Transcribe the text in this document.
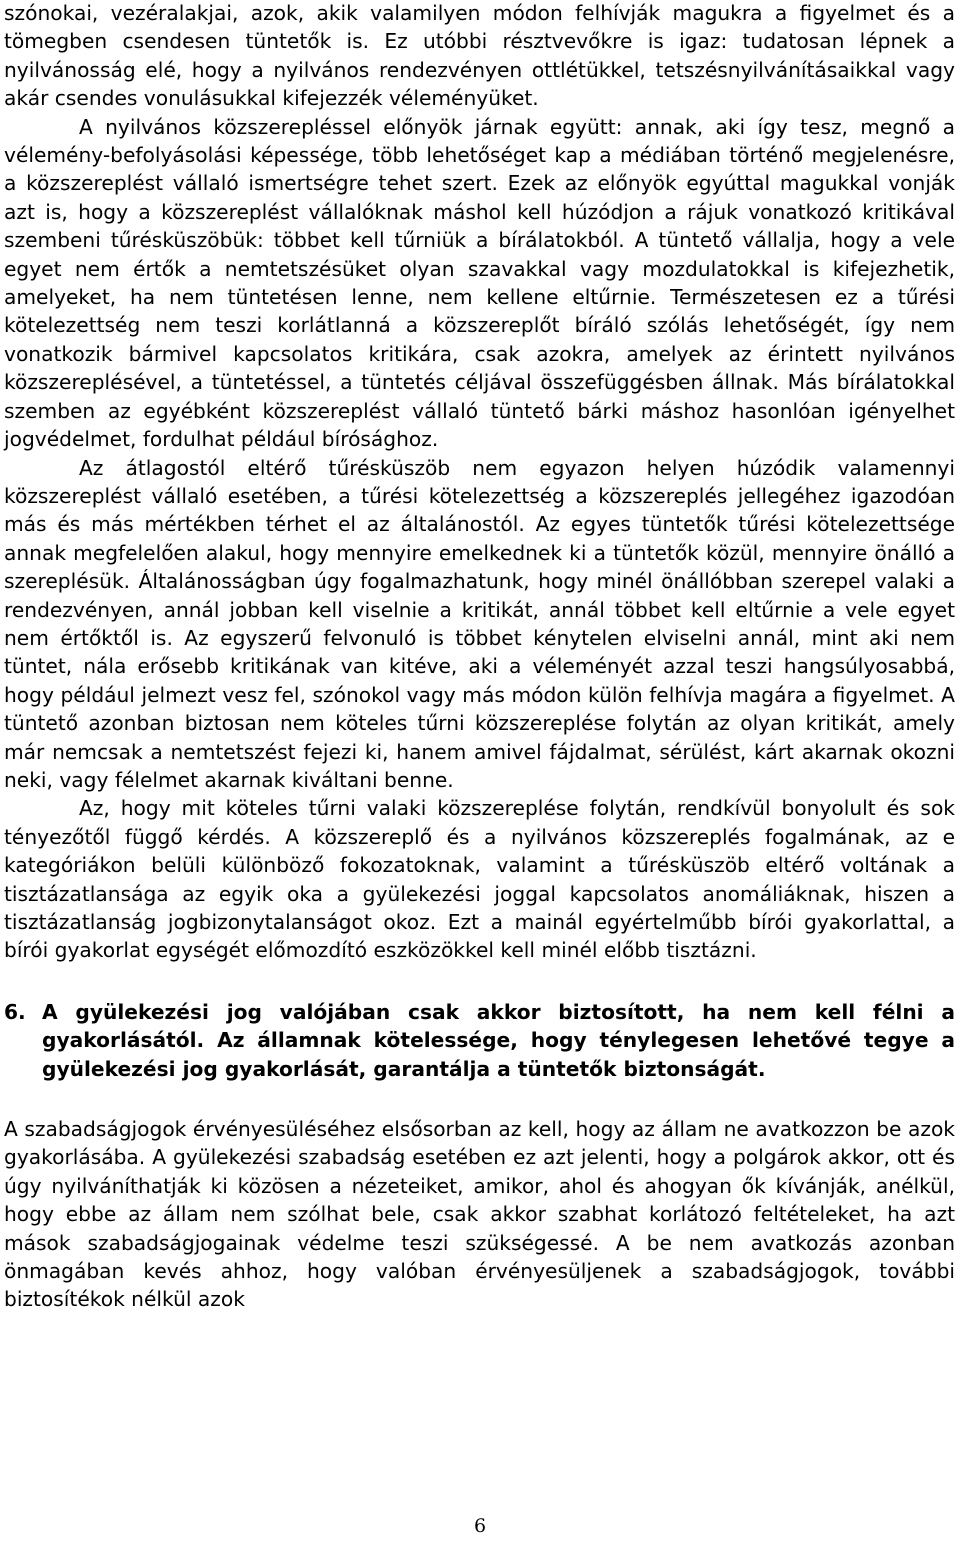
szónokai, vezéralakjai, azok, akik valamilyen módon felhívják magukra a figyelmet és a tömegben csendesen tüntetők is. Ez utóbbi résztvevőkre is igaz: tudatosan lépnek a nyilvánosság elé, hogy a nyilvános rendezvényen ottlétükkel, tetszésnyilvánításaikkal vagy akár csendes vonulásukkal kifejezzék véleményüket.

A nyilvános közszerepléssel előnyök járnak együtt: annak, aki így tesz, megnő a vélemény-befolyásolási képessége, több lehetőséget kap a médiában történő megjelenésre, a közszereplést vállaló ismertségre tehet szert. Ezek az előnyök egyúttal magukkal vonják azt is, hogy a közszereplést vállalóknak máshol kell húzódjon a rájuk vonatkozó kritikával szembeni tűrésküszöbük: többet kell tűrniük a bírálatokból. A tüntető vállalja, hogy a vele egyet nem értők a nemtetszésüket olyan szavakkal vagy mozdulatokkal is kifejezhetik, amelyeket, ha nem tüntetésen lenne, nem kellene eltűrnie. Természetesen ez a tűrési kötelezettség nem teszi korlátlanná a közszereplőt bíráló szólás lehetőségét, így nem vonatkozik bármivel kapcsolatos kritikára, csak azokra, amelyek az érintett nyilvános közszereplésével, a tüntetéssel, a tüntetés céljával összefüggésben állnak. Más bírálatokkal szemben az egyébként közszereplést vállaló tüntető bárki máshoz hasonlóan igényelhet jogvédelmet, fordulhat például bírósághoz.

Az átlagostól eltérő tűrésküszöb nem egyazon helyen húzódik valamennyi közszereplést vállaló esetében, a tűrési kötelezettség a közszereplés jellegéhez igazodóan más és más mértékben térhet el az általánostól. Az egyes tüntetők tűrési kötelezettsége annak megfelelően alakul, hogy mennyire emelkednek ki a tüntetők közül, mennyire önálló a szereplésük. Általánosságban úgy fogalmazhatunk, hogy minél önállóbban szerepel valaki a rendezvényen, annál jobban kell viselnie a kritikát, annál többet kell eltűrnie a vele egyet nem értőktől is. Az egyszerű felvonuló is többet kénytelen elviselni annál, mint aki nem tüntet, nála erősebb kritikának van kitéve, aki a véleményét azzal teszi hangsúlyosabbá, hogy például jelmezt vesz fel, szónokol vagy más módon külön felhívja magára a figyelmet. A tüntető azonban biztosan nem köteles tűrni közszereplése folytán az olyan kritikát, amely már nemcsak a nemtetszést fejezi ki, hanem amivel fájdalmat, sérülést, kárt akarnak okozni neki, vagy félelmet akarnak kiváltani benne.

Az, hogy mit köteles tűrni valaki közszereplése folytán, rendkívül bonyolult és sok tényezőtől függő kérdés. A közszereplő és a nyilvános közszereplés fogalmának, az e kategóriákon belüli különböző fokozatoknak, valamint a tűrésküszöb eltérő voltának a tisztázatlansága az egyik oka a gyülekezési joggal kapcsolatos anomáliáknak, hiszen a tisztázatlanság jogbizonytalanságot okoz. Ezt a mainál egyértelműbb bírói gyakorlattal, a bírói gyakorlat egységét előmozdító eszközökkel kell minél előbb tisztázni.

6. A gyülekezési jog valójában csak akkor biztosított, ha nem kell félni a gyakorlásától. Az államnak kötelessége, hogy ténylegesen lehetővé tegye a gyülekezési jog gyakorlását, garantálja a tüntetők biztonságát.

A szabadságjogok érvényesüléséhez elsősorban az kell, hogy az állam ne avatkozzon be azok gyakorlásába. A gyülekezési szabadság esetében ez azt jelenti, hogy a polgárok akkor, ott és úgy nyilváníthatják ki közösen a nézeteiket, amikor, ahol és ahogyan ők kívánják, anélkül, hogy ebbe az állam nem szólhat bele, csak akkor szabhat korlátozó feltételeket, ha azt mások szabadságjogainak védelme teszi szükségessé. A be nem avatkozás azonban önmagában kevés ahhoz, hogy valóban érvényesüljenek a szabadságjogok, további biztosítékok nélkül azok

6
